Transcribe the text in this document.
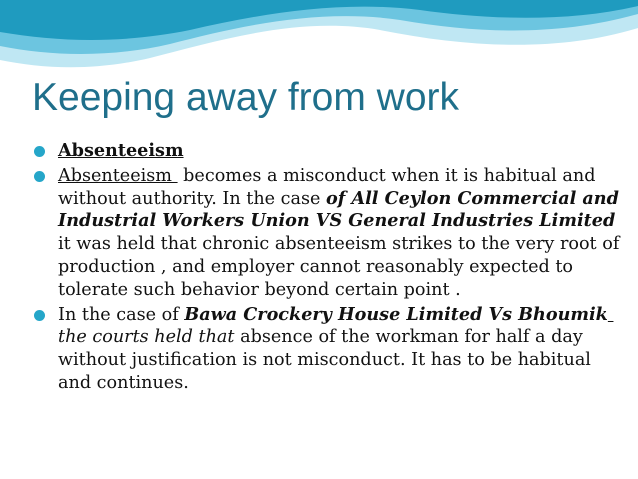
Keeping away from work
Absenteeism
Absenteeism  becomes a misconduct when it is habitual and without authority. In the case of All Ceylon Commercial and Industrial Workers Union VS General Industries Limited it was held that chronic absenteeism strikes to the very root of production , and employer cannot reasonably expected to tolerate such behavior beyond certain point .
In the case of Bawa Crockery House Limited Vs Bhoumik  the courts held that absence of the workman for half a day without justification is not misconduct. It has to be habitual and continues.
